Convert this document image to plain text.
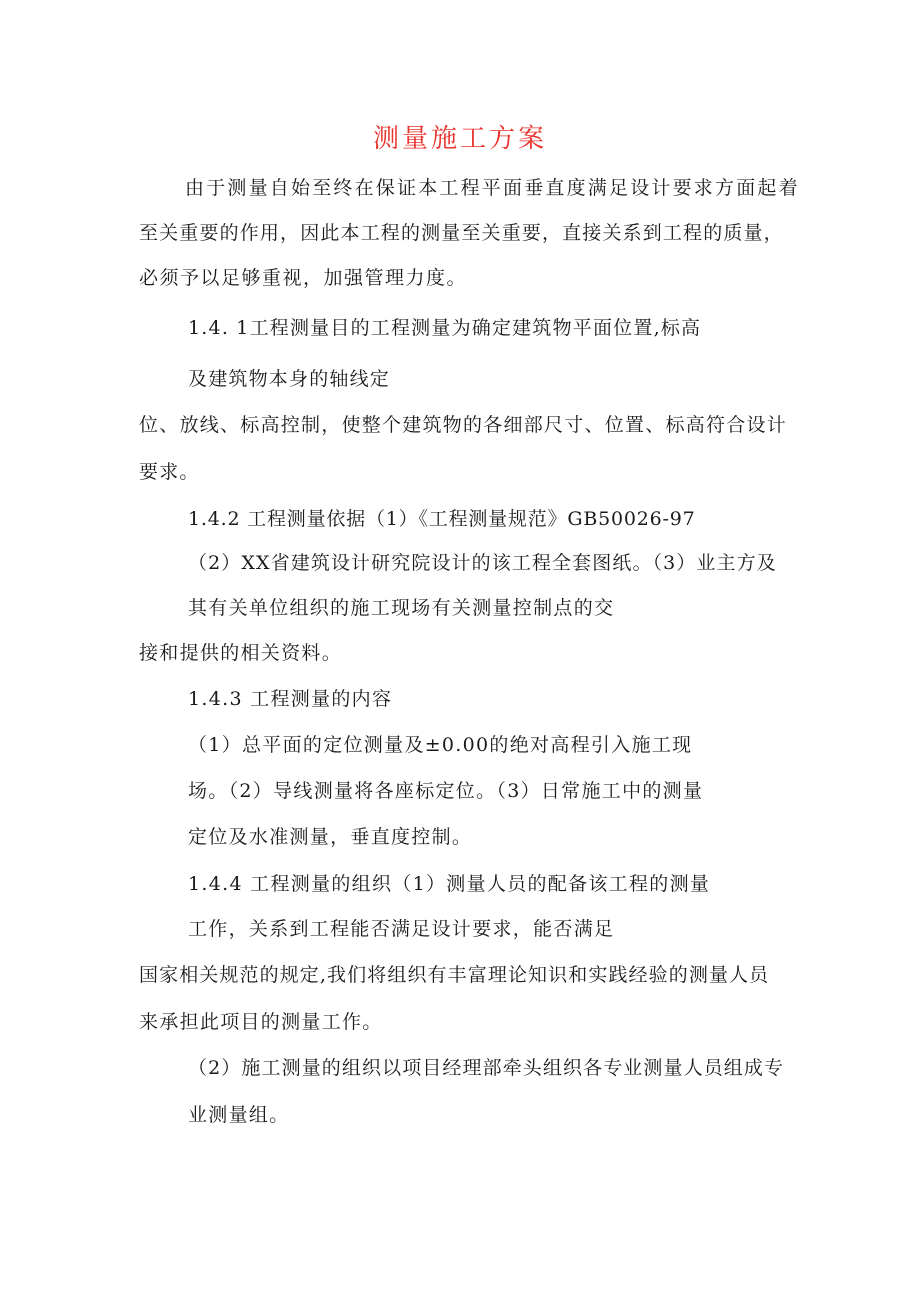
测量施工方案

由于测量自始至终在保证本工程平面垂直度满足设计要求方面起着

至关重要的作用，因此本工程的测量至关重要，直接关系到工程的质量，

必须予以足够重视，加强管理力度。

1.4. 1工程测量目的工程测量为确定建筑物平面位置,标高

及建筑物本身的轴线定

位、放线、标高控制，使整个建筑物的各细部尺寸、位置、标高符合设计

要求。

1.4.2 工程测量依据（1）《工程测量规范》GB50026-97

（2）XX省建筑设计研究院设计的该工程全套图纸。（3）业主方及

其有关单位组织的施工现场有关测量控制点的交

接和提供的相关资料。

1.4.3 工程测量的内容

（1）总平面的定位测量及±0.00的绝对高程引入施工现

场。（2）导线测量将各座标定位。（3）日常施工中的测量

定位及水准测量，垂直度控制。

1.4.4 工程测量的组织（1）测量人员的配备该工程的测量

工作，关系到工程能否满足设计要求，能否满足

国家相关规范的规定,我们将组织有丰富理论知识和实践经验的测量人员

来承担此项目的测量工作。

（2）施工测量的组织以项目经理部牵头组织各专业测量人员组成专

业测量组。
